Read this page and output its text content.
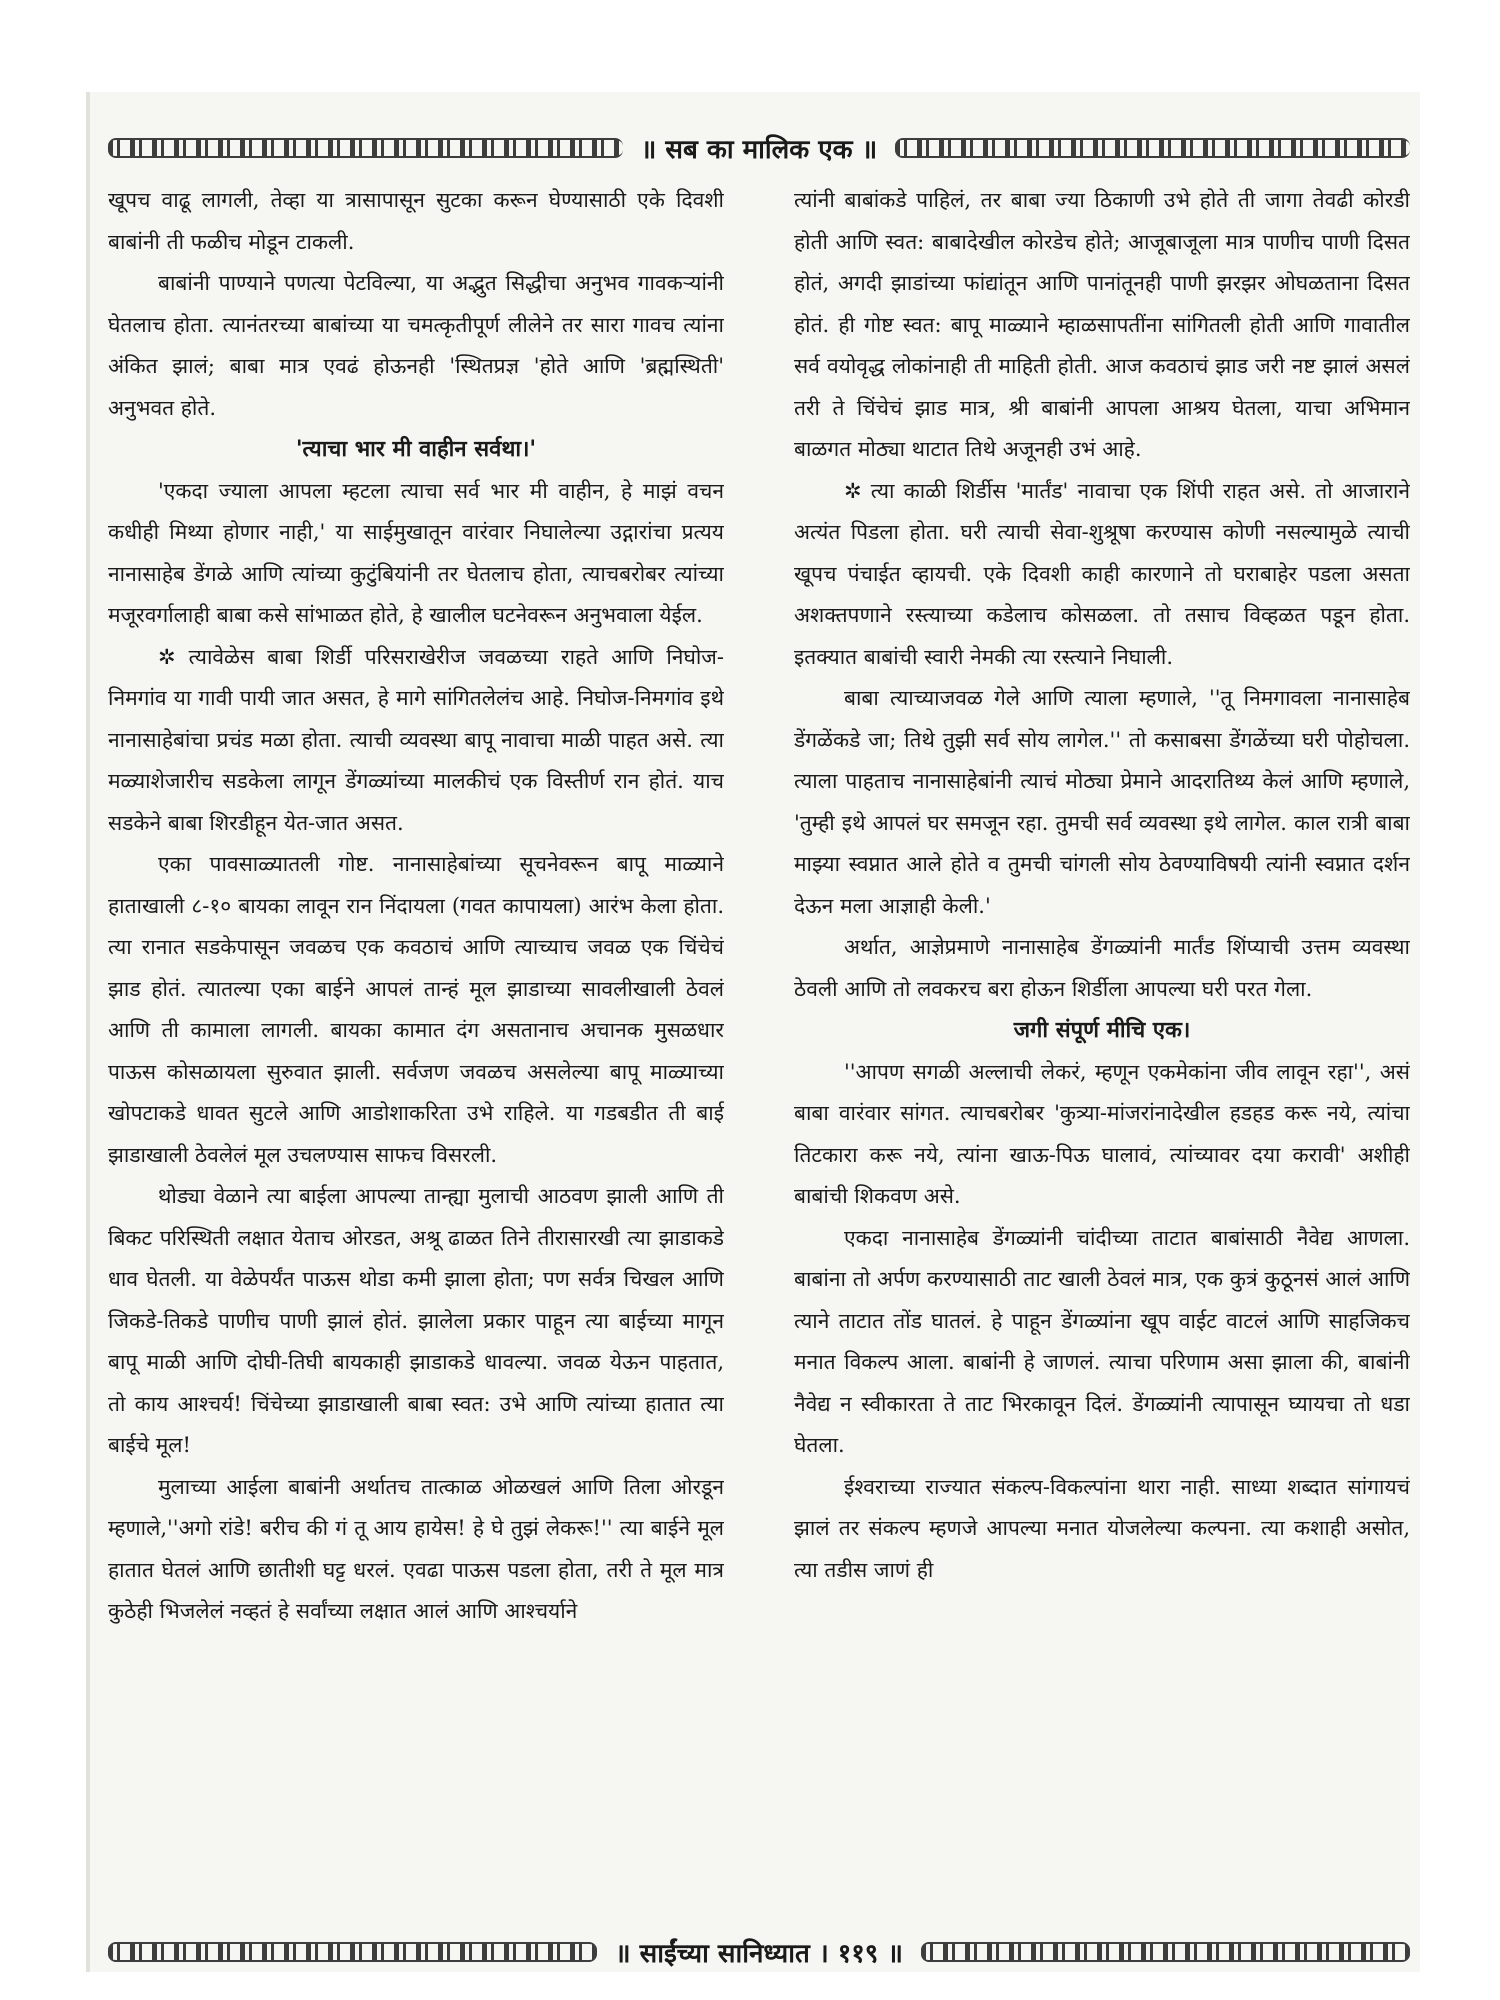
॥ सब का मालिक एक ॥

खूपच वाढू लागली, तेव्हा या त्रासापासून सुटका करून घेण्यासाठी एके दिवशी बाबांनी ती फळीच मोडून टाकली.

बाबांनी पाण्याने पणत्या पेटविल्या, या अद्भुत सिद्धीचा अनुभव गावकऱ्यांनी घेतलाच होता. त्यानंतरच्या बाबांच्या या चमत्कृतीपूर्ण लीलेने तर सारा गावच त्यांना अंकित झालं; बाबा मात्र एवढं होऊनही 'स्थितप्रज्ञ 'होते आणि 'ब्रह्मस्थिती' अनुभवत होते.

'त्याचा भार मी वाहीन सर्वथा।'

'एकदा ज्याला आपला म्हटला त्याचा सर्व भार मी वाहीन, हे माझं वचन कधीही मिथ्या होणार नाही,' या साईमुखातून वारंवार निघालेल्या उद्गारांचा प्रत्यय नानासाहेब डेंगळे आणि त्यांच्या कुटुंबियांनी तर घेतलाच होता, त्याचबरोबर त्यांच्या मजूरवर्गालाही बाबा कसे सांभाळत होते, हे खालील घटनेवरून अनुभवाला येईल.

✲ त्यावेळेस बाबा शिर्डी परिसराखेरीज जवळच्या राहते आणि निघोज-निमगांव या गावी पायी जात असत, हे मागे सांगितलेलंच आहे. निघोज-निमगांव इथे नानासाहेबांचा प्रचंड मळा होता. त्याची व्यवस्था बापू नावाचा माळी पाहत असे. त्या मळ्याशेजारीच सडकेला लागून डेंगळ्यांच्या मालकीचं एक विस्तीर्ण रान होतं. याच सडकेने बाबा शिरडीहून येत-जात असत.

एका पावसाळ्यातली गोष्ट. नानासाहेबांच्या सूचनेवरून बापू माळ्याने हाताखाली ८-१० बायका लावून रान निंदायला (गवत कापायला) आरंभ केला होता. त्या रानात सडकेपासून जवळच एक कवठाचं आणि त्याच्याच जवळ एक चिंचेचं झाड होतं. त्यातल्या एका बाईने आपलं तान्हं मूल झाडाच्या सावलीखाली ठेवलं आणि ती कामाला लागली. बायका कामात दंग असतानाच अचानक मुसळधार पाऊस कोसळायला सुरुवात झाली. सर्वजण जवळच असलेल्या बापू माळ्याच्या खोपटाकडे धावत सुटले आणि आडोशाकरिता उभे राहिले. या गडबडीत ती बाई झाडाखाली ठेवलेलं मूल उचलण्यास साफच विसरली.

थोड्या वेळाने त्या बाईला आपल्या तान्ह्या मुलाची आठवण झाली आणि ती बिकट परिस्थिती लक्षात येताच ओरडत, अश्रू ढाळत तिने तीरासारखी त्या झाडाकडे धाव घेतली. या वेळेपर्यंत पाऊस थोडा कमी झाला होता; पण सर्वत्र चिखल आणि जिकडे-तिकडे पाणीच पाणी झालं होतं. झालेला प्रकार पाहून त्या बाईच्या मागून बापू माळी आणि दोघी-तिघी बायकाही झाडाकडे धावल्या. जवळ येऊन पाहतात, तो काय आश्चर्य! चिंचेच्या झाडाखाली बाबा स्वत: उभे आणि त्यांच्या हातात त्या बाईचे मूल!

मुलाच्या आईला बाबांनी अर्थातच तात्काळ ओळखलं आणि तिला ओरडून म्हणाले,''अगो रांडे! बरीच की गं तू आय हायेस! हे घे तुझं लेकरू!'' त्या बाईने मूल हातात घेतलं आणि छातीशी घट्ट धरलं. एवढा पाऊस पडला होता, तरी ते मूल मात्र कुठेही भिजलेलं नव्हतं हे सर्वांच्या लक्षात आलं आणि आश्चर्याने

त्यांनी बाबांकडे पाहिलं, तर बाबा ज्या ठिकाणी उभे होते ती जागा तेवढी कोरडी होती आणि स्वत: बाबादेखील कोरडेच होते; आजूबाजूला मात्र पाणीच पाणी दिसत होतं, अगदी झाडांच्या फांद्यांतून आणि पानांतूनही पाणी झरझर ओघळताना दिसत होतं. ही गोष्ट स्वत: बापू माळ्याने म्हाळसापतींना सांगितली होती आणि गावातील सर्व वयोवृद्ध लोकांनाही ती माहिती होती. आज कवठाचं झाड जरी नष्ट झालं असलं तरी ते चिंचेचं झाड मात्र, श्री बाबांनी आपला आश्रय घेतला, याचा अभिमान बाळगत मोठ्या थाटात तिथे अजूनही उभं आहे.

✲ त्या काळी शिर्डीस 'मार्तंड' नावाचा एक शिंपी राहत असे. तो आजाराने अत्यंत पिडला होता. घरी त्याची सेवा-शुश्रूषा करण्यास कोणी नसल्यामुळे त्याची खूपच पंचाईत व्हायची. एके दिवशी काही कारणाने तो घराबाहेर पडला असता अशक्तपणाने रस्त्याच्या कडेलाच कोसळला. तो तसाच विव्हळत पडून होता. इतक्यात बाबांची स्वारी नेमकी त्या रस्त्याने निघाली.

बाबा त्याच्याजवळ गेले आणि त्याला म्हणाले, ''तू निमगावला नानासाहेब डेंगळेंकडे जा; तिथे तुझी सर्व सोय लागेल.'' तो कसाबसा डेंगळेंच्या घरी पोहोचला. त्याला पाहताच नानासाहेबांनी त्याचं मोठ्या प्रेमाने आदरातिथ्य केलं आणि म्हणाले, 'तुम्ही इथे आपलं घर समजून रहा. तुमची सर्व व्यवस्था इथे लागेल. काल रात्री बाबा माझ्या स्वप्नात आले होते व तुमची चांगली सोय ठेवण्याविषयी त्यांनी स्वप्नात दर्शन देऊन मला आज्ञाही केली.'

अर्थात, आज्ञेप्रमाणे नानासाहेब डेंगळ्यांनी मार्तंड शिंप्याची उत्तम व्यवस्था ठेवली आणि तो लवकरच बरा होऊन शिर्डीला आपल्या घरी परत गेला.

जगी संपूर्ण मीचि एक।

''आपण सगळी अल्लाची लेकरं, म्हणून एकमेकांना जीव लावून रहा'', असं बाबा वारंवार सांगत. त्याचबरोबर 'कुत्र्या-मांजरांनादेखील हडहड करू नये, त्यांचा तिटकारा करू नये, त्यांना खाऊ-पिऊ घालावं, त्यांच्यावर दया करावी' अशीही बाबांची शिकवण असे.

एकदा नानासाहेब डेंगळ्यांनी चांदीच्या ताटात बाबांसाठी नैवेद्य आणला. बाबांना तो अर्पण करण्यासाठी ताट खाली ठेवलं मात्र, एक कुत्रं कुठूनसं आलं आणि त्याने ताटात तोंड घातलं. हे पाहून डेंगळ्यांना खूप वाईट वाटलं आणि साहजिकच मनात विकल्प आला. बाबांनी हे जाणलं. त्याचा परिणाम असा झाला की, बाबांनी नैवेद्य न स्वीकारता ते ताट भिरकावून दिलं. डेंगळ्यांनी त्यापासून घ्यायचा तो धडा घेतला.

ईश्वराच्या राज्यात संकल्प-विकल्पांना थारा नाही. साध्या शब्दात सांगायचं झालं तर संकल्प म्हणजे आपल्या मनात योजलेल्या कल्पना. त्या कशाही असोत, त्या तडीस जाणं ही

॥ साईंच्या सानिध्यात । ११९ ॥
